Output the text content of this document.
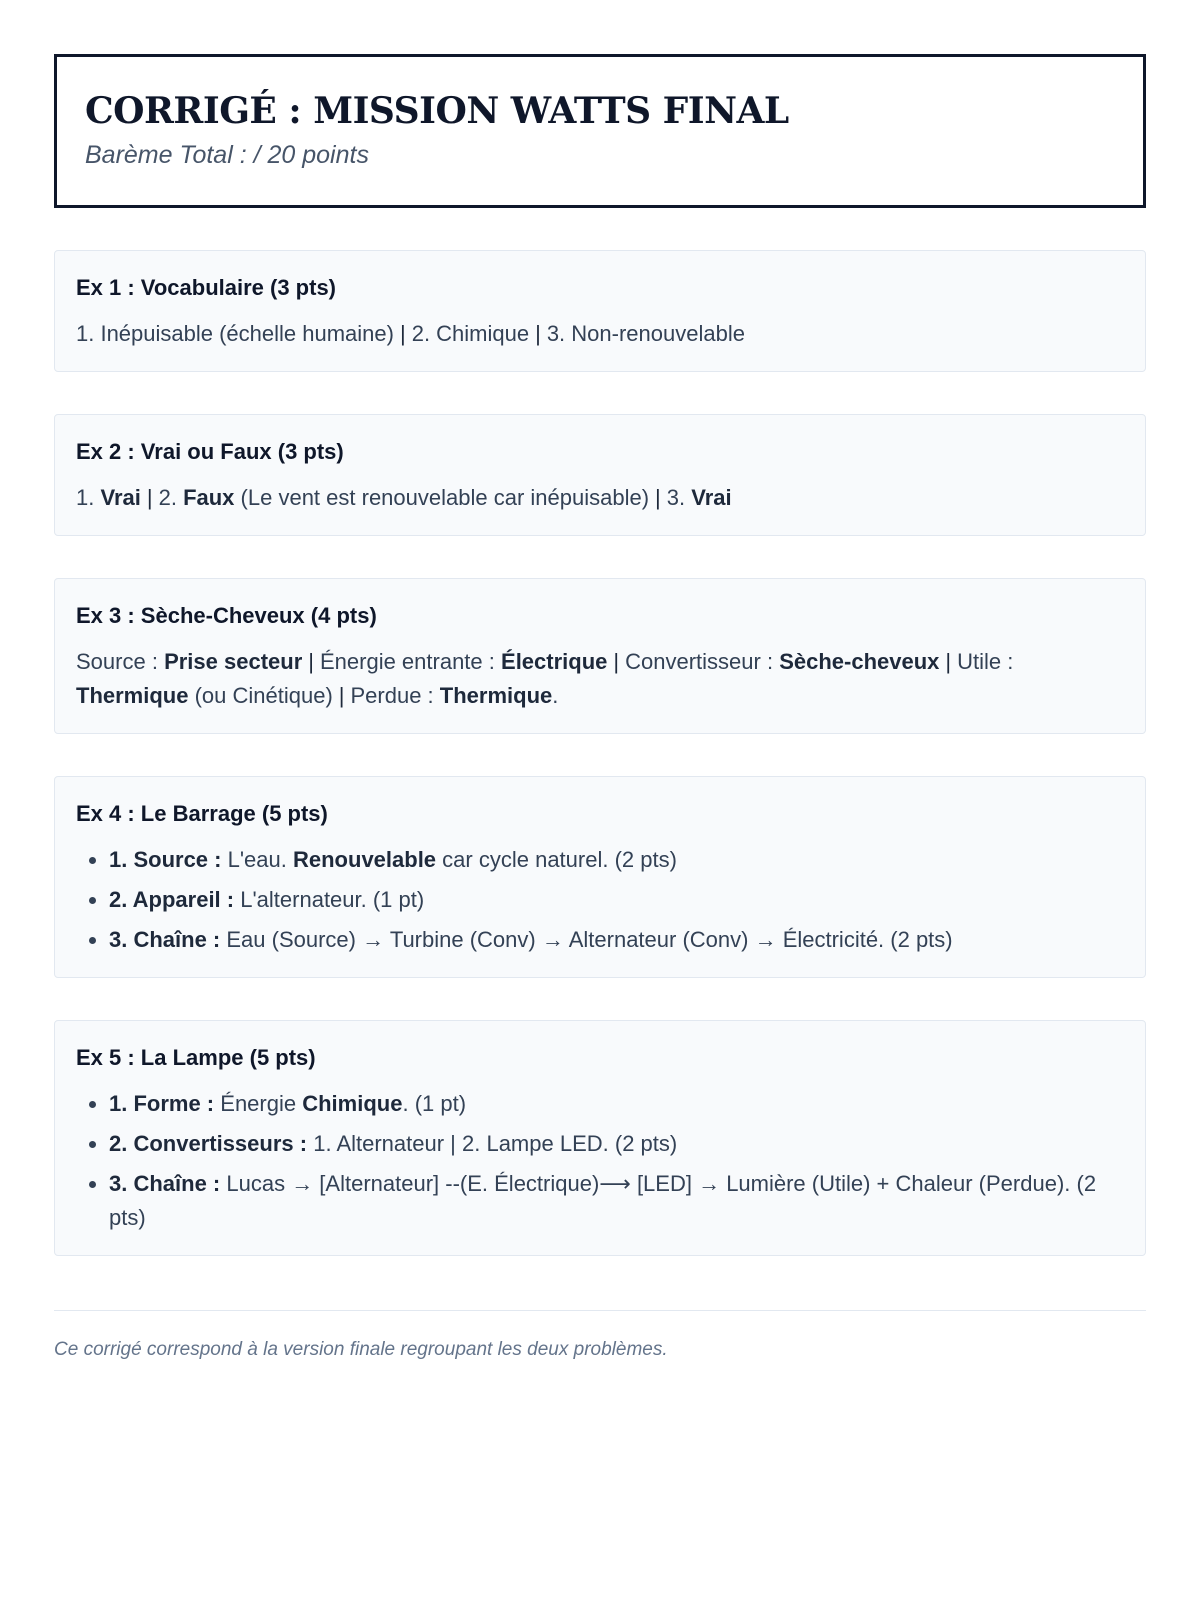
CORRIGÉ : MISSION WATTS FINAL
Barème Total : / 20 points
Ex 1 : Vocabulaire (3 pts)
1. Inépuisable (échelle humaine) | 2. Chimique | 3. Non-renouvelable
Ex 2 : Vrai ou Faux (3 pts)
1. Vrai | 2. Faux (Le vent est renouvelable car inépuisable) | 3. Vrai
Ex 3 : Sèche-Cheveux (4 pts)
Source : Prise secteur | Énergie entrante : Électrique | Convertisseur : Sèche-cheveux | Utile : Thermique (ou Cinétique) | Perdue : Thermique.
Ex 4 : Le Barrage (5 pts)
• 1. Source : L'eau. Renouvelable car cycle naturel. (2 pts)
• 2. Appareil : L'alternateur. (1 pt)
• 3. Chaîne : Eau (Source) → Turbine (Conv) → Alternateur (Conv) → Électricité. (2 pts)
Ex 5 : La Lampe (5 pts)
• 1. Forme : Énergie Chimique. (1 pt)
• 2. Convertisseurs : 1. Alternateur | 2. Lampe LED. (2 pts)
• 3. Chaîne : Lucas → [Alternateur] --(E. Électrique)⟶ [LED] → Lumière (Utile) + Chaleur (Perdue). (2 pts)
Ce corrigé correspond à la version finale regroupant les deux problèmes.
